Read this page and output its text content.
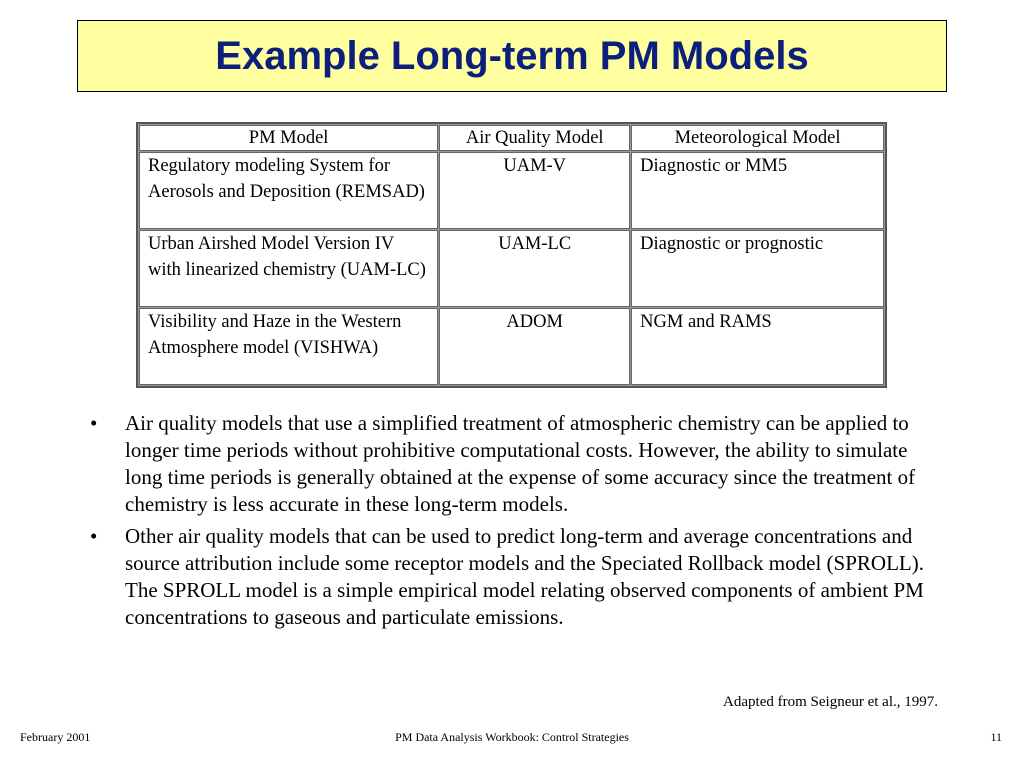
Example Long-term PM Models
PM Model	Air Quality Model	Meteorological Model
Regulatory modeling System for Aerosols and Deposition (REMSAD)	UAM-V	Diagnostic or MM5
Urban Airshed Model Version IV with linearized chemistry (UAM-LC)	UAM-LC	Diagnostic or prognostic
Visibility and Haze in the Western Atmosphere model (VISHWA)	ADOM	NGM and RAMS
• Air quality models that use a simplified treatment of atmospheric chemistry can be applied to longer time periods without prohibitive computational costs. However, the ability to simulate long time periods is generally obtained at the expense of some accuracy since the treatment of chemistry is less accurate in these long-term models.
• Other air quality models that can be used to predict long-term and average concentrations and source attribution include some receptor models and the Speciated Rollback model (SPROLL). The SPROLL model is a simple empirical model relating observed components of ambient PM concentrations to gaseous and particulate emissions.
Adapted from Seigneur et al., 1997.
February 2001	PM Data Analysis Workbook: Control Strategies	11
